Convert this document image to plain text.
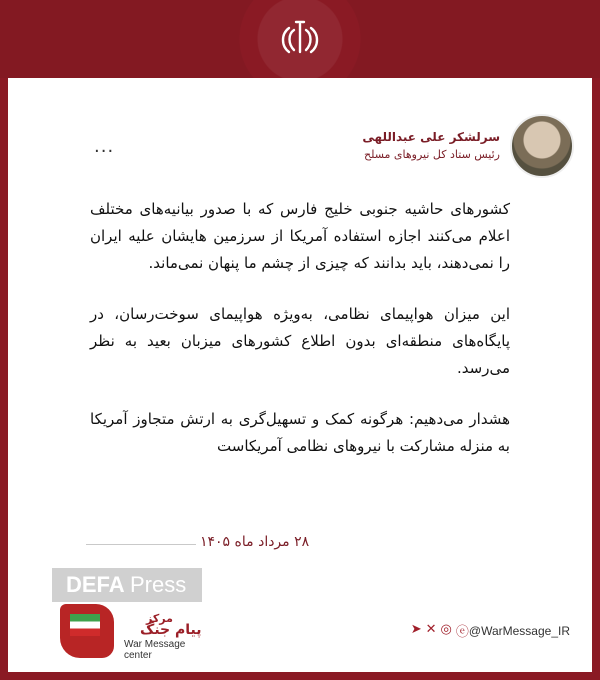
سرلشکر علی عبداللهی
رئیس ستاد کل نیروهای مسلح
...

کشورهای حاشیه جنوبی خلیج فارس که با صدور بیانیه‌های مختلف اعلام می‌کنند اجازه استفاده آمریکا از سرزمین هایشان علیه ایران را نمی‌دهند، باید بدانند که چیزی از چشم ما پنهان نمی‌ماند.

این میزان هواپیمای نظامی، به‌ویژه هواپیمای سوخت‌رسان، در پایگاه‌های منطقه‌ای بدون اطلاع کشورهای میزبان بعید به نظر می‌رسد.

هشدار می‌دهیم: هرگونه کمک و تسهیل‌گری به ارتش متجاوز آمریکا به منزله مشارکت با نیروهای نظامی آمریکاست

۲۸ مرداد ماه ۱۴۰۵
DEFA Press
مرکز
پیام جنگ
War Message
center
@WarMessage_IR
➤ ✕ ◎ ⓔ
